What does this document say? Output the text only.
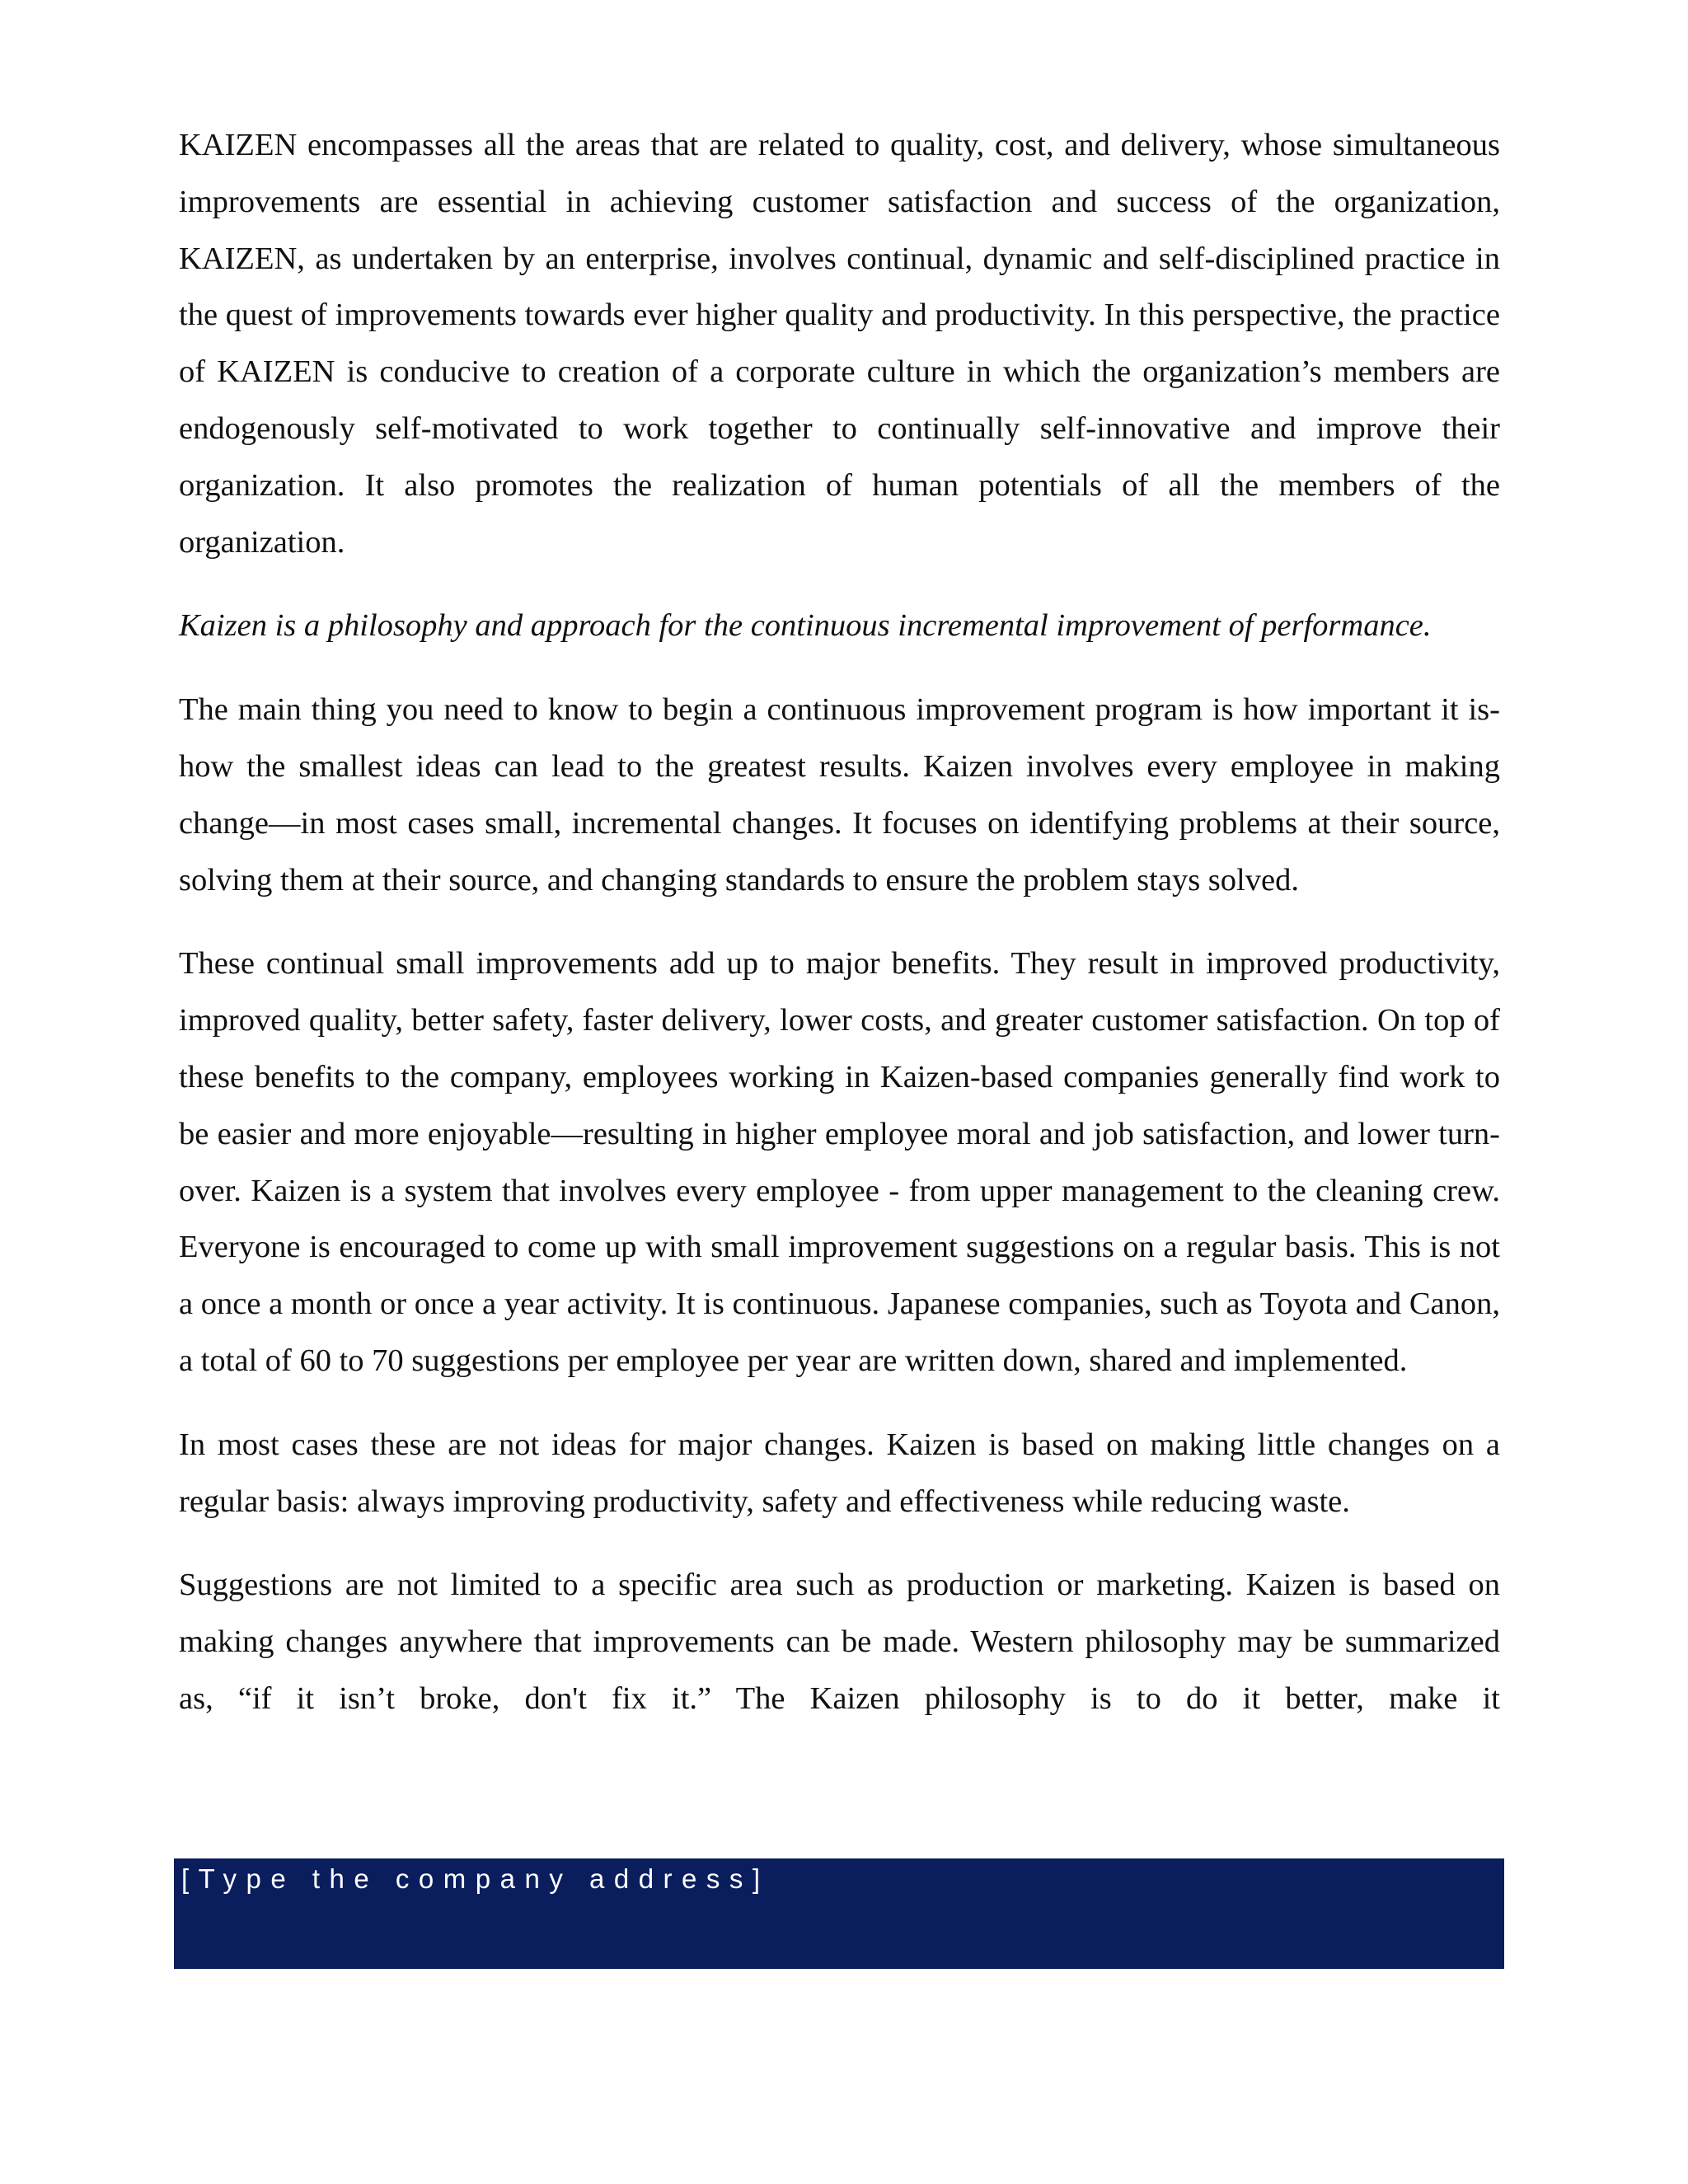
KAIZEN encompasses all the areas that are related to quality, cost, and delivery, whose simultaneous improvements are essential in achieving customer satisfaction and success of the organization, KAIZEN, as undertaken by an enterprise, involves continual, dynamic and self-disciplined practice in the quest of improvements towards ever higher quality and productivity. In this perspective, the practice of KAIZEN is conducive to creation of a corporate culture in which the organization’s members are endogenously self-motivated to work together to continually self-innovative and improve their organization. It also promotes the realization of human potentials of all the members of the organization.

Kaizen is a philosophy and approach for the continuous incremental improvement of performance.

The main thing you need to know to begin a continuous improvement program is how important it is- how the smallest ideas can lead to the greatest results. Kaizen involves every employee in making change—in most cases small, incremental changes. It focuses on identifying problems at their source, solving them at their source, and changing standards to ensure the problem stays solved.

These continual small improvements add up to major benefits. They result in improved productivity, improved quality, better safety, faster delivery, lower costs, and greater customer satisfaction. On top of these benefits to the company, employees working in Kaizen-based companies generally find work to be easier and more enjoyable—resulting in higher employee moral and job satisfaction, and lower turn-over. Kaizen is a system that involves every employee - from upper management to the cleaning crew. Everyone is encouraged to come up with small improvement suggestions on a regular basis. This is not a once a month or once a year activity. It is continuous. Japanese companies, such as Toyota and Canon, a total of 60 to 70 suggestions per employee per year are written down, shared and implemented.

In most cases these are not ideas for major changes. Kaizen is based on making little changes on a regular basis: always improving productivity, safety and effectiveness while reducing waste.

Suggestions are not limited to a specific area such as production or marketing. Kaizen is based on making changes anywhere that improvements can be made. Western philosophy may be summarized as, “if it isn’t broke, don't fix it.” The Kaizen philosophy is to do it better, make it

[Type the company address]
